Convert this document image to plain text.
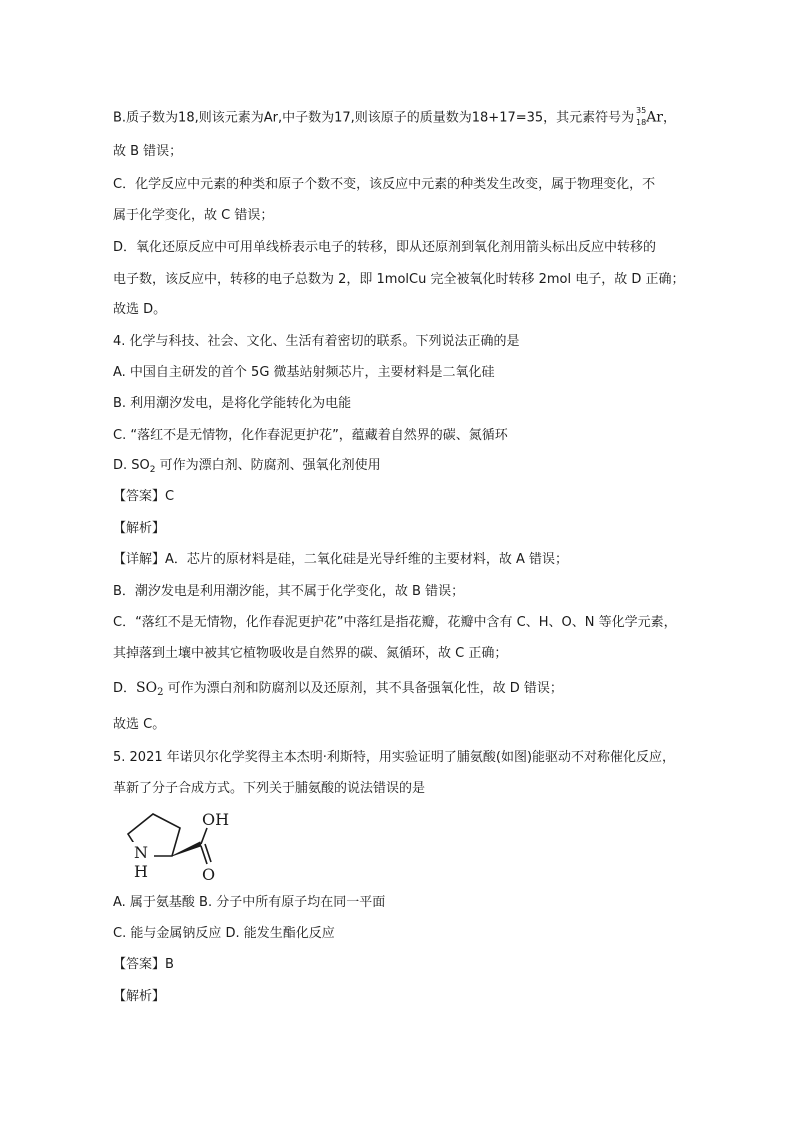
B.质子数为18,则该元素为Ar,中子数为17,则该原子的质量数为18+17=35，其元素符号为 35
18 Ar，
故 B 错误；
C．化学反应中元素的种类和原子个数不变，该反应中元素的种类发生改变，属于物理变化，不
属于化学变化，故 C 错误；
D．氧化还原反应中可用单线桥表示电子的转移，即从还原剂到氧化剂用箭头标出反应中转移的
电子数，该反应中，转移的电子总数为 2，即 1molCu 完全被氧化时转移 2mol 电子，故 D 正确；
故选 D。
4. 化学与科技、社会、文化、生活有着密切的联系。下列说法正确的是
A. 中国自主研发的首个 5G 微基站射频芯片，主要材料是二氧化硅
B. 利用潮汐发电，是将化学能转化为电能
C. “落红不是无情物，化作春泥更护花”，蕴藏着自然界的碳、氮循环
D. $SO_2$ 可作为漂白剂、防腐剂、强氧化剂使用
【答案】C
【解析】
【详解】A．芯片的原材料是硅，二氧化硅是光导纤维的主要材料，故 A 错误；
B．潮汐发电是利用潮汐能，其不属于化学变化，故 B 错误；
C．“落红不是无情物，化作春泥更护花”中落红是指花瓣，花瓣中含有 C、H、O、N 等化学元素，
其掉落到土壤中被其它植物吸收是自然界的碳、氮循环，故 C 正确；
D．$SO_2$ 可作为漂白剂和防腐剂以及还原剂，其不具备强氧化性，故 D 错误；
故选 C。
5. 2021 年诺贝尔化学奖得主本杰明·利斯特，用实验证明了脯氨酸(如图)能驱动不对称催化反应，
革新了分子合成方式。下列关于脯氨酸的说法错误的是
N
H
OH
O
A. 属于氨基酸 B. 分子中所有原子均在同一平面
C. 能与金属钠反应 D. 能发生酯化反应
【答案】B
【解析】
